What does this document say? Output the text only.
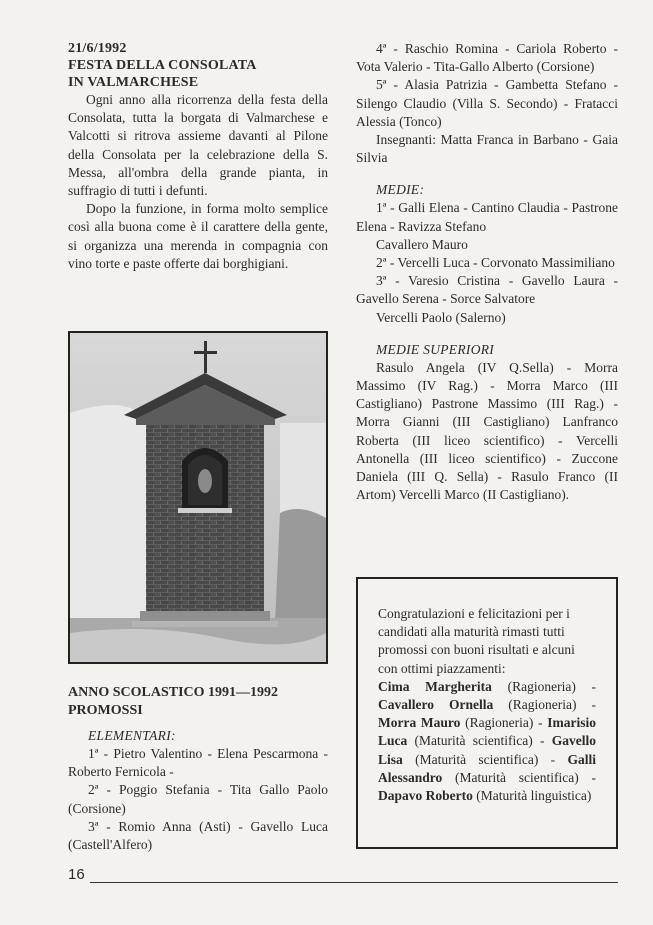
21/6/1992

FESTA DELLA CONSOLATA

IN VALMARCHESE

Ogni anno alla ricorrenza della festa della Consolata, tutta la borgata di Valmarchese e Valcotti si ritrova assieme davanti al Pilone della Consolata per la celebrazione della S. Messa, all'ombra della grande pianta, in suffragio di tutti i defunti.

Dopo la funzione, in forma molto semplice così alla buona come è il carattere della gente, si organizza una merenda in compagnia con vino torte e paste offerte dai borghigiani.

ANNO SCOLASTICO 1991—1992
PROMOSSI

ELEMENTARI:

1ª - Pietro Valentino - Elena Pescarmona - Roberto Fernicola -

2ª - Poggio Stefania - Tita Gallo Paolo (Corsione)

3ª - Romio Anna (Asti) - Gavello Luca (Castell'Alfero)

4ª - Raschio Romina - Cariola Roberto - Vota Valerio - Tita-Gallo Alberto (Corsione)

5ª - Alasia Patrizia - Gambetta Stefano - Silengo Claudio (Villa S. Secondo) - Fratacci Alessia (Tonco)

Insegnanti: Matta Franca in Barbano - Gaia Silvia

MEDIE:

1ª - Galli Elena - Cantino Claudia - Pastrone Elena - Ravizza Stefano

Cavallero Mauro

2ª - Vercelli Luca - Corvonato Massimiliano

3ª - Varesio Cristina - Gavello Laura - Gavello Serena - Sorce Salvatore

Vercelli Paolo (Salerno)

MEDIE SUPERIORI

Rasulo Angela (IV Q.Sella) - Morra Massimo (IV Rag.) - Morra Marco (III Castigliano) Pastrone Massimo (III Rag.) - Morra Gianni (III Castigliano) Lanfranco Roberta (III liceo scientifico) - Vercelli Antonella (III liceo scientifico) - Zuccone Daniela (III Q. Sella) - Rasulo Franco (II Artom) Vercelli Marco (II Castigliano).

Congratulazioni e felicitazioni per i candidati alla maturità rimasti tutti promossi con buoni risultati e alcuni con ottimi piazzamenti:

Cima Margherita (Ragioneria) - Cavallero Ornella (Ragioneria) - Morra Mauro (Ragioneria) - Imarisio Luca (Maturità scientifica) - Gavello Lisa (Maturità scientifica) - Galli Alessandro (Maturità scientifica) - Dapavo Roberto (Maturità linguistica)

16
